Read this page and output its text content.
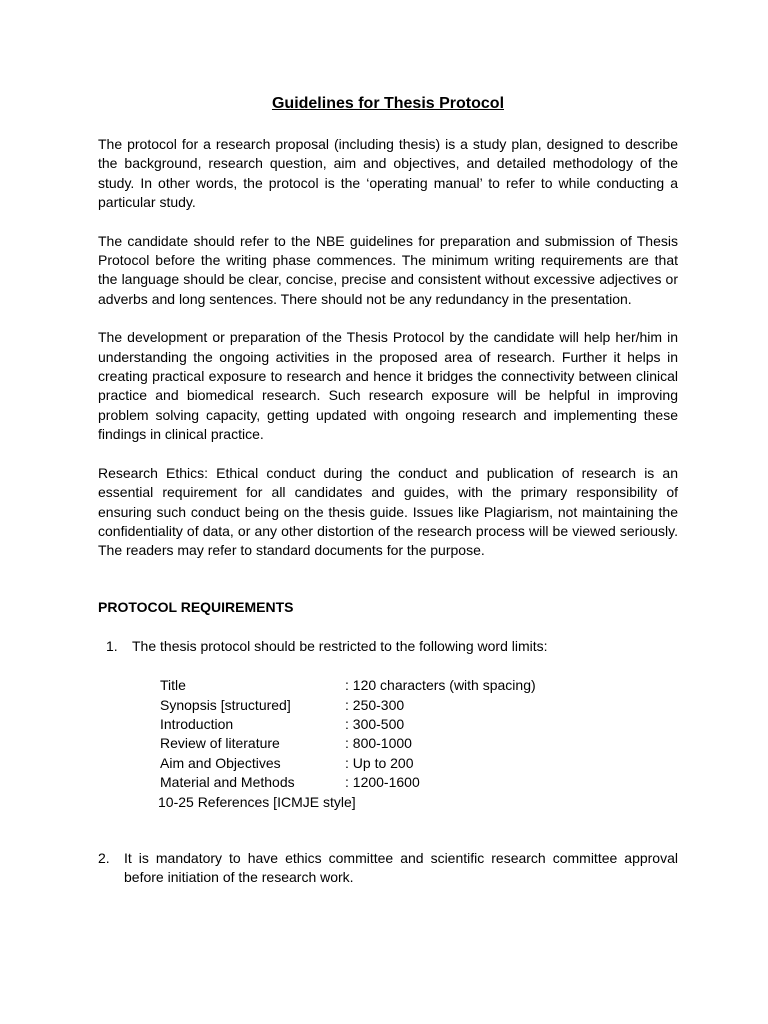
Guidelines for Thesis Protocol

The protocol for a research proposal (including thesis) is a study plan, designed to describe the background, research question, aim and objectives, and detailed methodology of the study. In other words, the protocol is the ‘operating manual’ to refer to while conducting a particular study.

The candidate should refer to the NBE guidelines for preparation and submission of Thesis Protocol before the writing phase commences. The minimum writing requirements are that the language should be clear, concise, precise and consistent without excessive adjectives or adverbs and long sentences. There should not be any redundancy in the presentation.

The development or preparation of the Thesis Protocol by the candidate will help her/him in understanding the ongoing activities in the proposed area of research. Further it helps in creating practical exposure to research and hence it bridges the connectivity between clinical practice and biomedical research. Such research exposure will be helpful in improving problem solving capacity, getting updated with ongoing research and implementing these findings in clinical practice.

Research Ethics: Ethical conduct during the conduct and publication of research is an essential requirement for all candidates and guides, with the primary responsibility of ensuring such conduct being on the thesis guide. Issues like Plagiarism, not maintaining the confidentiality of data, or any other distortion of the research process will be viewed seriously. The readers may refer to standard documents for the purpose.

PROTOCOL REQUIREMENTS
1.	The thesis protocol should be restricted to the following word limits:
Title	: 120 characters (with spacing)
Synopsis [structured]	: 250-300
Introduction	: 300-500
Review of literature	: 800-1000
Aim and Objectives	: Up to 200
Material and Methods	: 1200-1600
10-25 References [ICMJE style]
2.	It is mandatory to have ethics committee and scientific research committee approval before initiation of the research work.
